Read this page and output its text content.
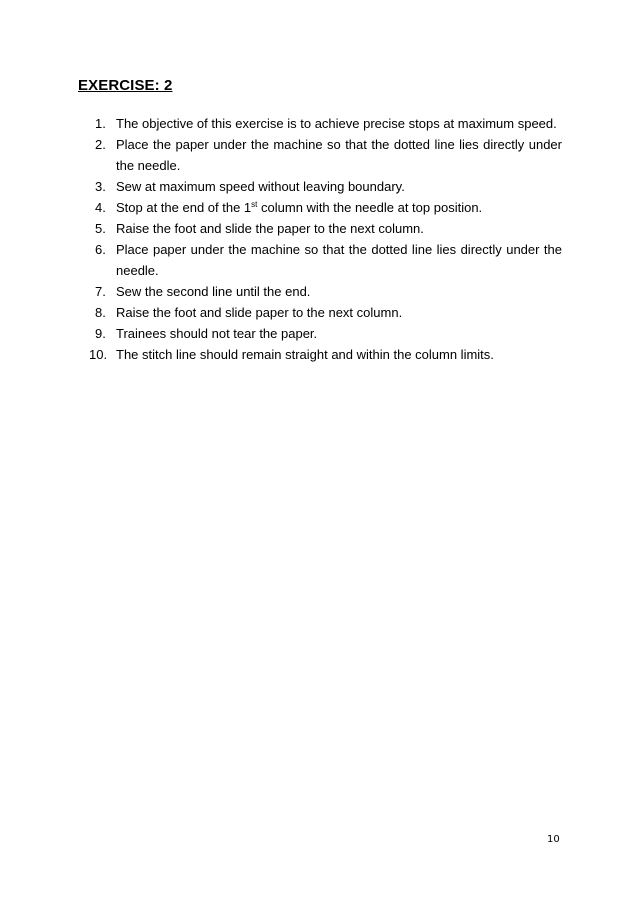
EXERCISE: 2
1. The objective of this exercise is to achieve precise stops at maximum speed.
2. Place the paper under the machine so that the dotted line lies directly under the needle.
3. Sew at maximum speed without leaving boundary.
4. Stop at the end of the 1st column with the needle at top position.
5. Raise the foot and slide the paper to the next column.
6. Place paper under the machine so that the dotted line lies directly under the needle.
7. Sew the second line until the end.
8. Raise the foot and slide paper to the next column.
9. Trainees should not tear the paper.
10. The stitch line should remain straight and within the column limits.
10
